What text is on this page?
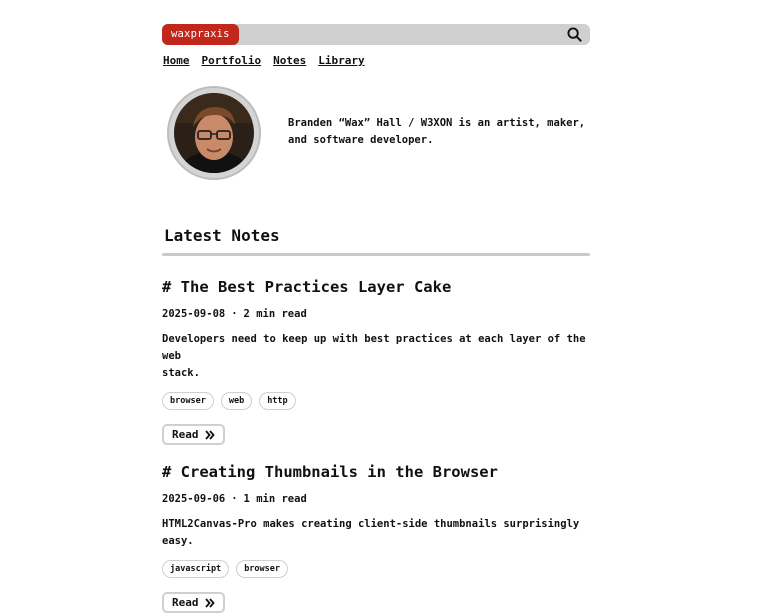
waxpraxis
Home Portfolio Notes Library
Branden “Wax” Hall / W3XON is an artist, maker,
and software developer.
Latest Notes
# The Best Practices Layer Cake
2025-09-08 · 2 min read
Developers need to keep up with best practices at each layer of the web
stack.
browser	web	http
Read
# Creating Thumbnails in the Browser
2025-09-06 · 1 min read
HTML2Canvas-Pro makes creating client-side thumbnails surprisingly
easy.
javascript	browser
Read
